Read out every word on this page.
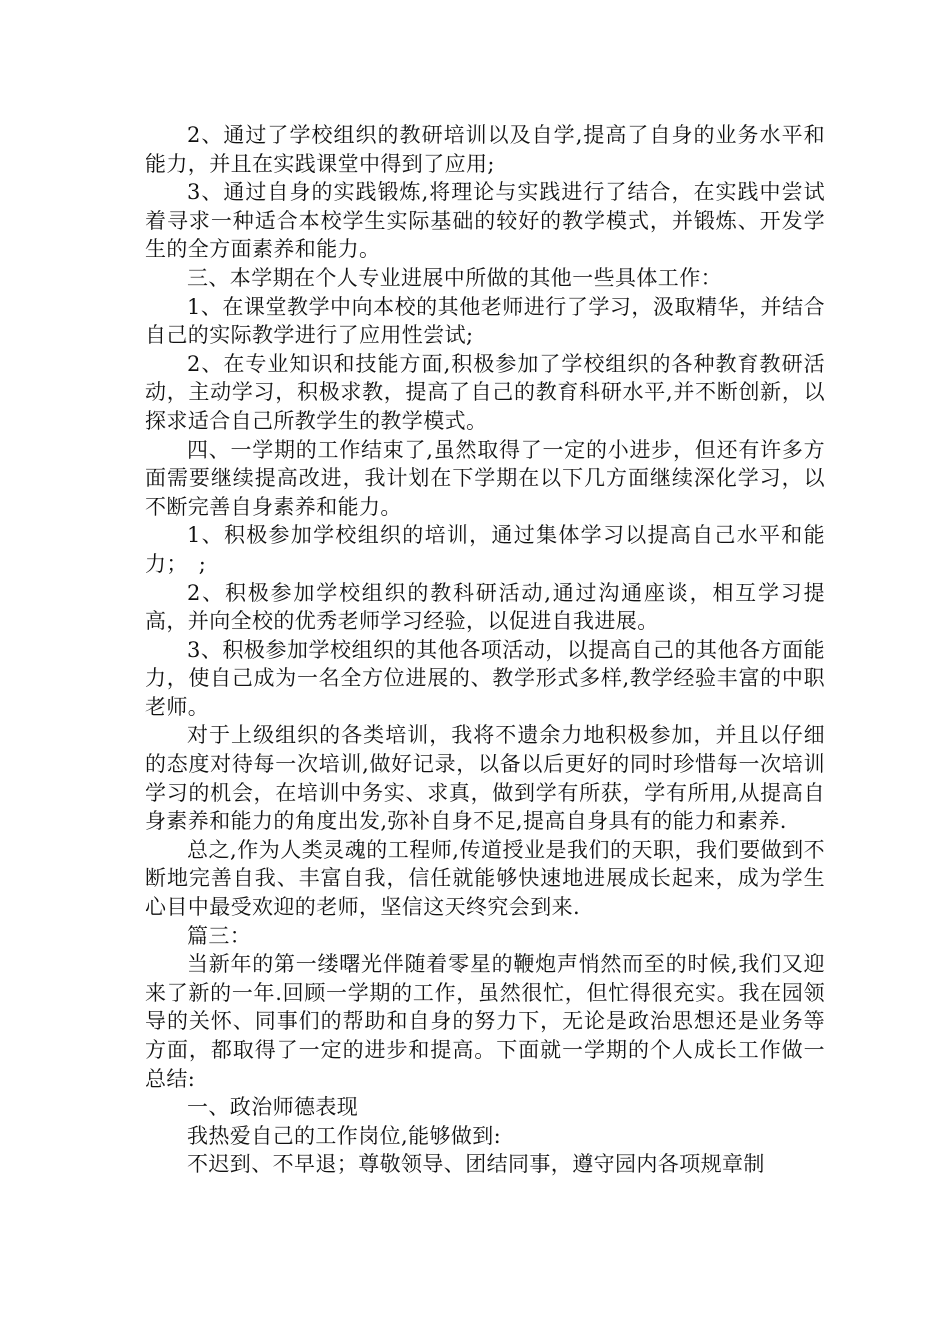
2、通过了学校组织的教研培训以及自学,提高了自身的业务水平和能力，并且在实践课堂中得到了应用;

3、通过自身的实践锻炼,将理论与实践进行了结合，在实践中尝试着寻求一种适合本校学生实际基础的较好的教学模式，并锻炼、开发学生的全方面素养和能力。

三、本学期在个人专业进展中所做的其他一些具体工作：

1、在课堂教学中向本校的其他老师进行了学习，汲取精华，并结合自己的实际教学进行了应用性尝试;

2、在专业知识和技能方面,积极参加了学校组织的各种教育教研活动，主动学习，积极求教，提高了自己的教育科研水平,并不断创新，以探求适合自己所教学生的教学模式。

四、一学期的工作结束了,虽然取得了一定的小进步，但还有许多方面需要继续提高改进，我计划在下学期在以下几方面继续深化学习，以不断完善自身素养和能力。

1、积极参加学校组织的培训，通过集体学习以提高自己水平和能力；　;

2、积极参加学校组织的教科研活动,通过沟通座谈，相互学习提高，并向全校的优秀老师学习经验，以促进自我进展。

3、积极参加学校组织的其他各项活动，以提高自己的其他各方面能力，使自己成为一名全方位进展的、教学形式多样,教学经验丰富的中职老师。

对于上级组织的各类培训，我将不遗余力地积极参加，并且以仔细的态度对待每一次培训,做好记录，以备以后更好的同时珍惜每一次培训学习的机会，在培训中务实、求真，做到学有所获，学有所用,从提高自身素养和能力的角度出发,弥补自身不足,提高自身具有的能力和素养.

总之,作为人类灵魂的工程师,传道授业是我们的天职，我们要做到不断地完善自我、丰富自我，信任就能够快速地进展成长起来，成为学生心目中最受欢迎的老师，坚信这天终究会到来.

篇三：

当新年的第一缕曙光伴随着零星的鞭炮声悄然而至的时候,我们又迎来了新的一年.回顾一学期的工作，虽然很忙，但忙得很充实。我在园领导的关怀、同事们的帮助和自身的努力下，无论是政治思想还是业务等方面，都取得了一定的进步和提高。下面就一学期的个人成长工作做一总结:

一、政治师德表现

我热爱自己的工作岗位,能够做到:

不迟到、不早退；尊敬领导、团结同事，遵守园内各项规章制
